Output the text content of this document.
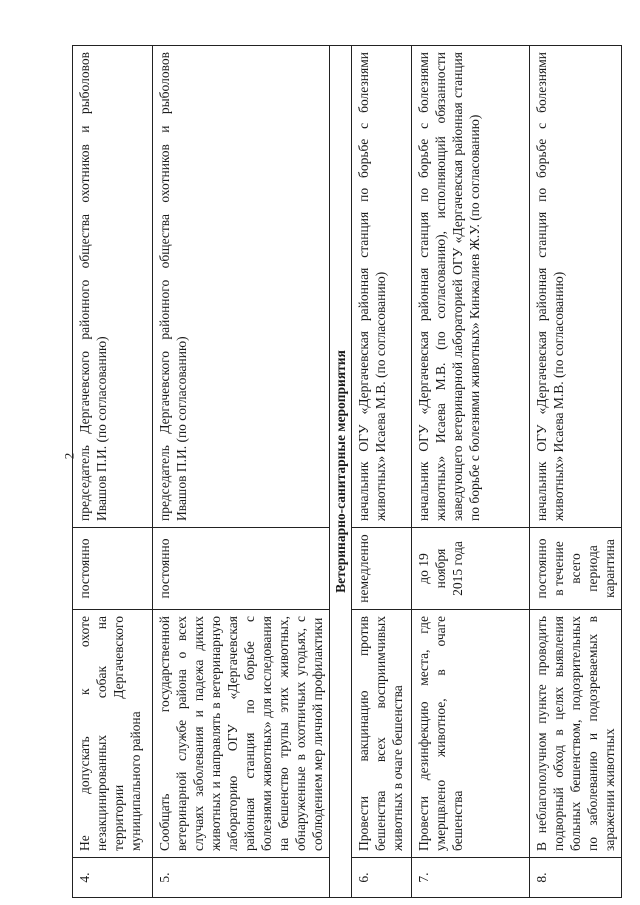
2
4.	Не допускать к охоте незакцинированных собак на территории Дергачевского муниципального района	постоянно	председатель Дергачевского районного общества охотников и рыболовов Ивашов П.И. (по согласованию)
5.	Сообщать государственной ветеринарной службе района о всех случаях заболевания и падежа диких животных и направлять в ветеринарную лабораторию ОГУ «Дергачевская районная станция по борьбе с болезнями животных» для исследования на бешенство трупы этих животных, обнаруженные в охотничьих угодьях, с соблюдением мер личной профилактики	постоянно	председатель Дергачевского районного общества охотников и рыболовов Ивашов П.И. (по согласованию)
Ветеринарно-санитарные мероприятия			
6.	Провести вакцинацию против бешенства всех восприимчивых животных в очаге бешенства	немедленно	начальник ОГУ «Дергачевская районная станция по борьбе с болезнями животных» Исаева М.В. (по согласованию)
7.	Провести дезинфекцию места, где умерщвлено животное, в очаге бешенства	до 19 ноября 2015 года	начальник ОГУ «Дергачевская районная станция по борьбе с болезнями животных» Исаева М.В. (по согласованию), исполняющий обязанности заведующего ветеринарной лабораторией ОГУ «Дергачевская районная станция по борьбе с болезнями животных» Кинжалиев Ж.У. (по согласованию)
8.	В неблагополучном пункте проводить подворный обход в целях выявления больных бешенством, подозрительных по заболеванию и подозреваемых в заражении животных	постоянно в течение всего периода карантина	начальник ОГУ «Дергачевская районная станция по борьбе с болезнями животных» Исаева М.В. (по согласованию)
